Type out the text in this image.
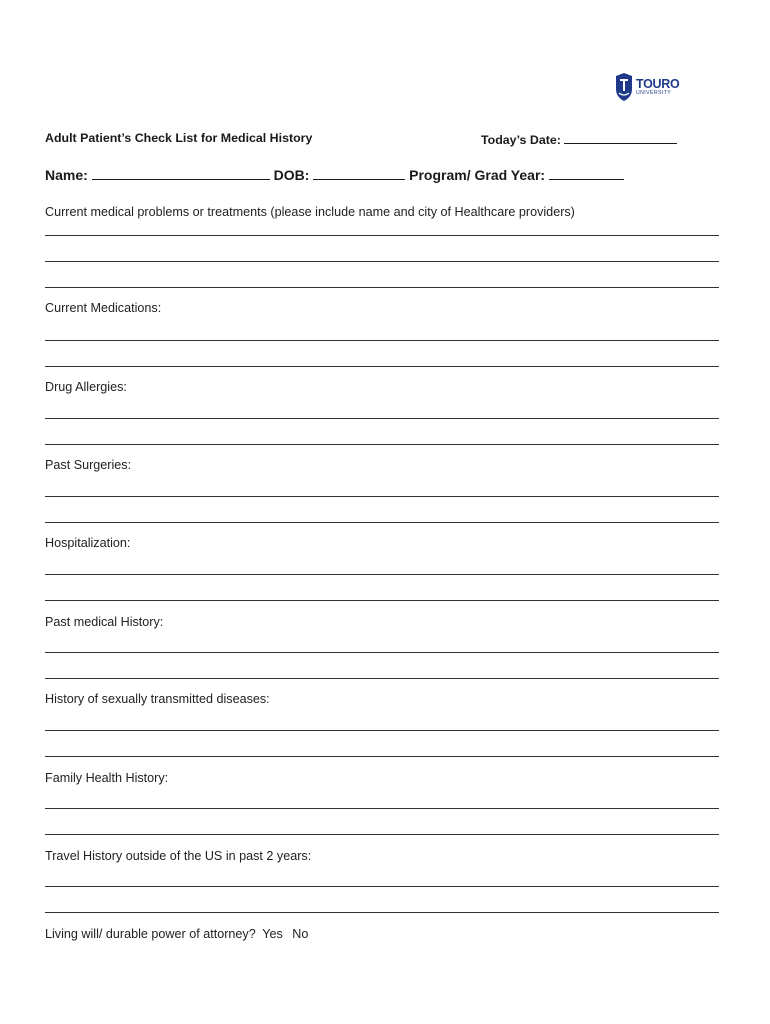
TOURO
UNIVERSITY
Adult Patient’s Check List for Medical History	Today’s Date:
Name:	DOB:	Program/ Grad Year:
Current medical problems or treatments (please include name and city of Healthcare providers)
Current Medications:
Drug Allergies:
Past Surgeries:
Hospitalization:
Past medical History:
History of sexually transmitted diseases:
Family Health History:
Travel History outside of the US in past 2 years:
Living will/ durable power of attorney? Yes No
